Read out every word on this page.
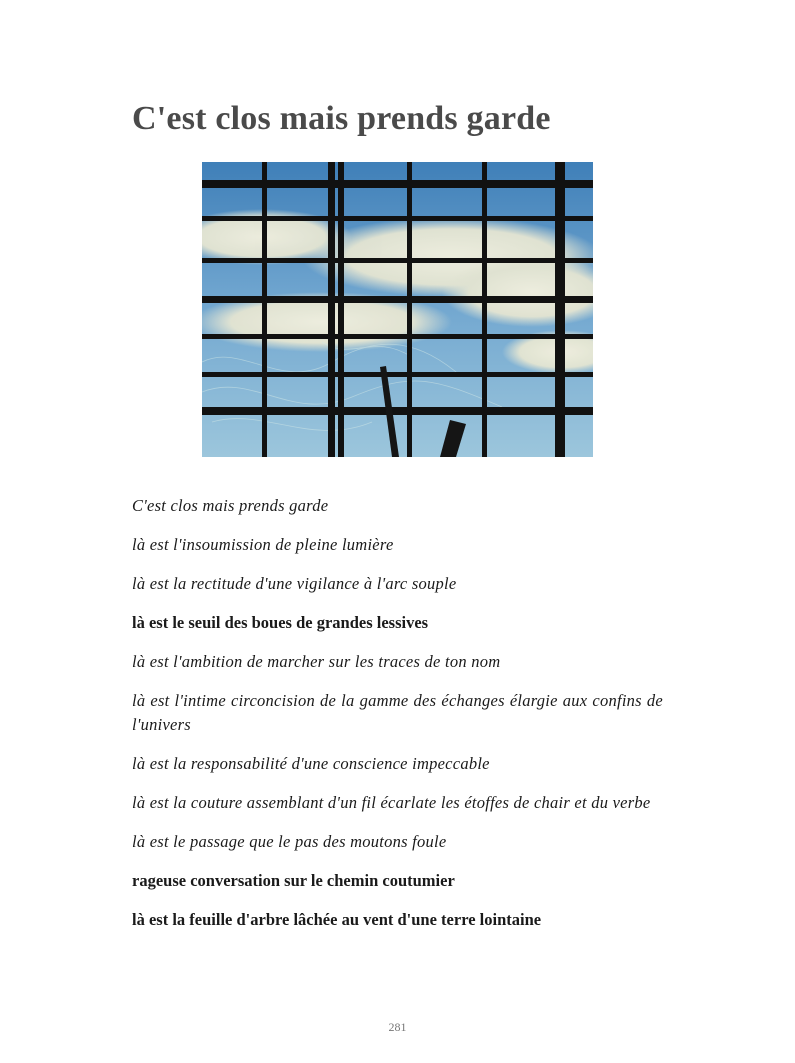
C'est clos mais prends garde

C'est clos mais prends garde

là est l'insoumission de pleine lumière

là est la rectitude d'une vigilance à l'arc souple

là est le seuil des boues de grandes lessives

là est l'ambition de marcher sur les traces de ton nom

là est l'intime circoncision de la gamme des échanges élargie aux confins de l'univers

là est la responsabilité d'une conscience impeccable

là est la couture assemblant d'un fil écarlate les étoffes de chair et du verbe

là est le passage que le pas des moutons foule

rageuse conversation sur le chemin coutumier

là est la feuille d'arbre lâchée au vent d'une terre lointaine

281
